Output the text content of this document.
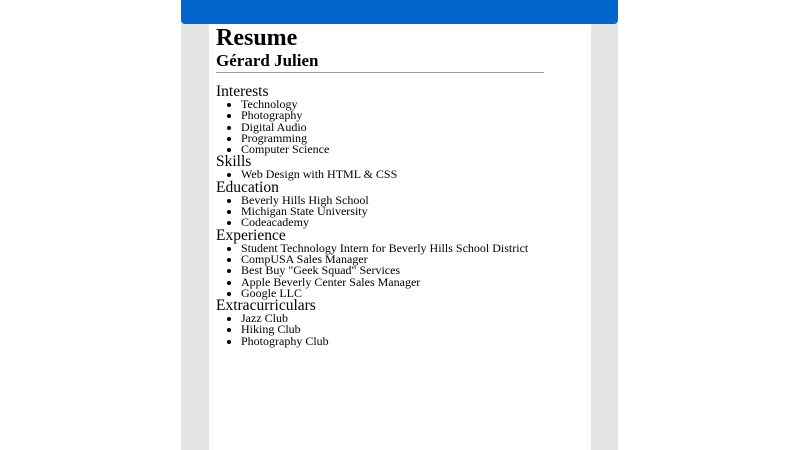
Resume
Gérard Julien
Interests
• Technology
• Photography
• Digital Audio
• Programming
• Computer Science
Skills
• Web Design with HTML & CSS
Education
• Beverly Hills High School
• Michigan State University
• Codeacademy
Experience
• Student Technology Intern for Beverly Hills School District
• CompUSA Sales Manager
• Best Buy "Geek Squad" Services
• Apple Beverly Center Sales Manager
• Google LLC
Extracurriculars
• Jazz Club
• Hiking Club
• Photography Club
